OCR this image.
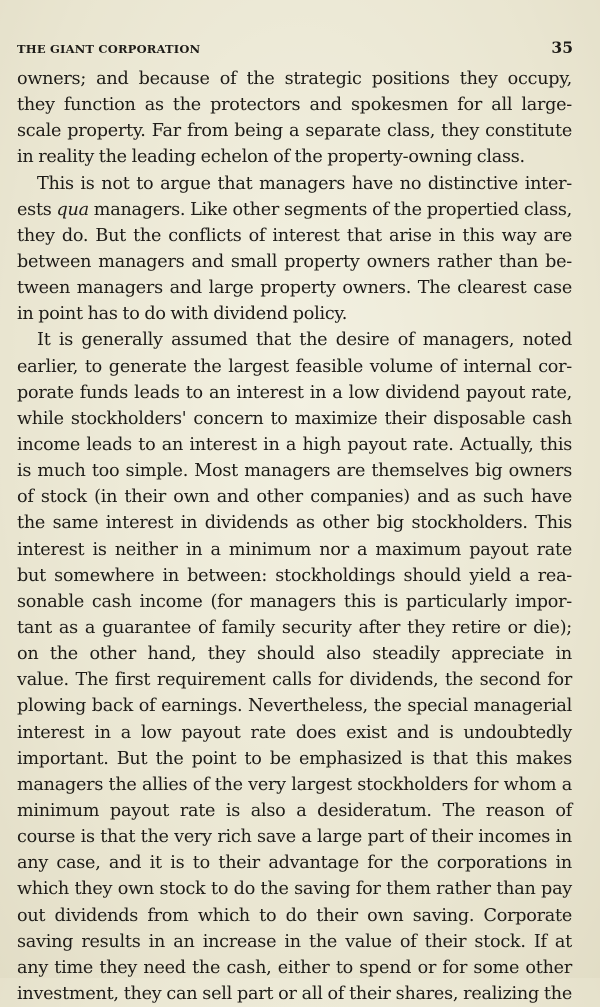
THE GIANT CORPORATION	35
owners; and because of the strategic positions they occupy,
they function as the protectors and spokesmen for all large-
scale property. Far from being a separate class, they constitute
in reality the leading echelon of the property-owning class.
This is not to argue that managers have no distinctive inter-
ests qua managers. Like other segments of the propertied class,
they do. But the conflicts of interest that arise in this way are
between managers and small property owners rather than be-
tween managers and large property owners. The clearest case
in point has to do with dividend policy.
It is generally assumed that the desire of managers, noted
earlier, to generate the largest feasible volume of internal cor-
porate funds leads to an interest in a low dividend payout rate,
while stockholders' concern to maximize their disposable cash
income leads to an interest in a high payout rate. Actually, this
is much too simple. Most managers are themselves big owners
of stock (in their own and other companies) and as such have
the same interest in dividends as other big stockholders. This
interest is neither in a minimum nor a maximum payout rate
but somewhere in between: stockholdings should yield a rea-
sonable cash income (for managers this is particularly impor-
tant as a guarantee of family security after they retire or die);
on the other hand, they should also steadily appreciate in
value. The first requirement calls for dividends, the second for
plowing back of earnings. Nevertheless, the special managerial
interest in a low payout rate does exist and is undoubtedly
important. But the point to be emphasized is that this makes
managers the allies of the very largest stockholders for whom a
minimum payout rate is also a desideratum. The reason of
course is that the very rich save a large part of their incomes in
any case, and it is to their advantage for the corporations in
which they own stock to do the saving for them rather than pay
out dividends from which to do their own saving. Corporate
saving results in an increase in the value of their stock. If at
any time they need the cash, either to spend or for some other
investment, they can sell part or all of their shares, realizing the
